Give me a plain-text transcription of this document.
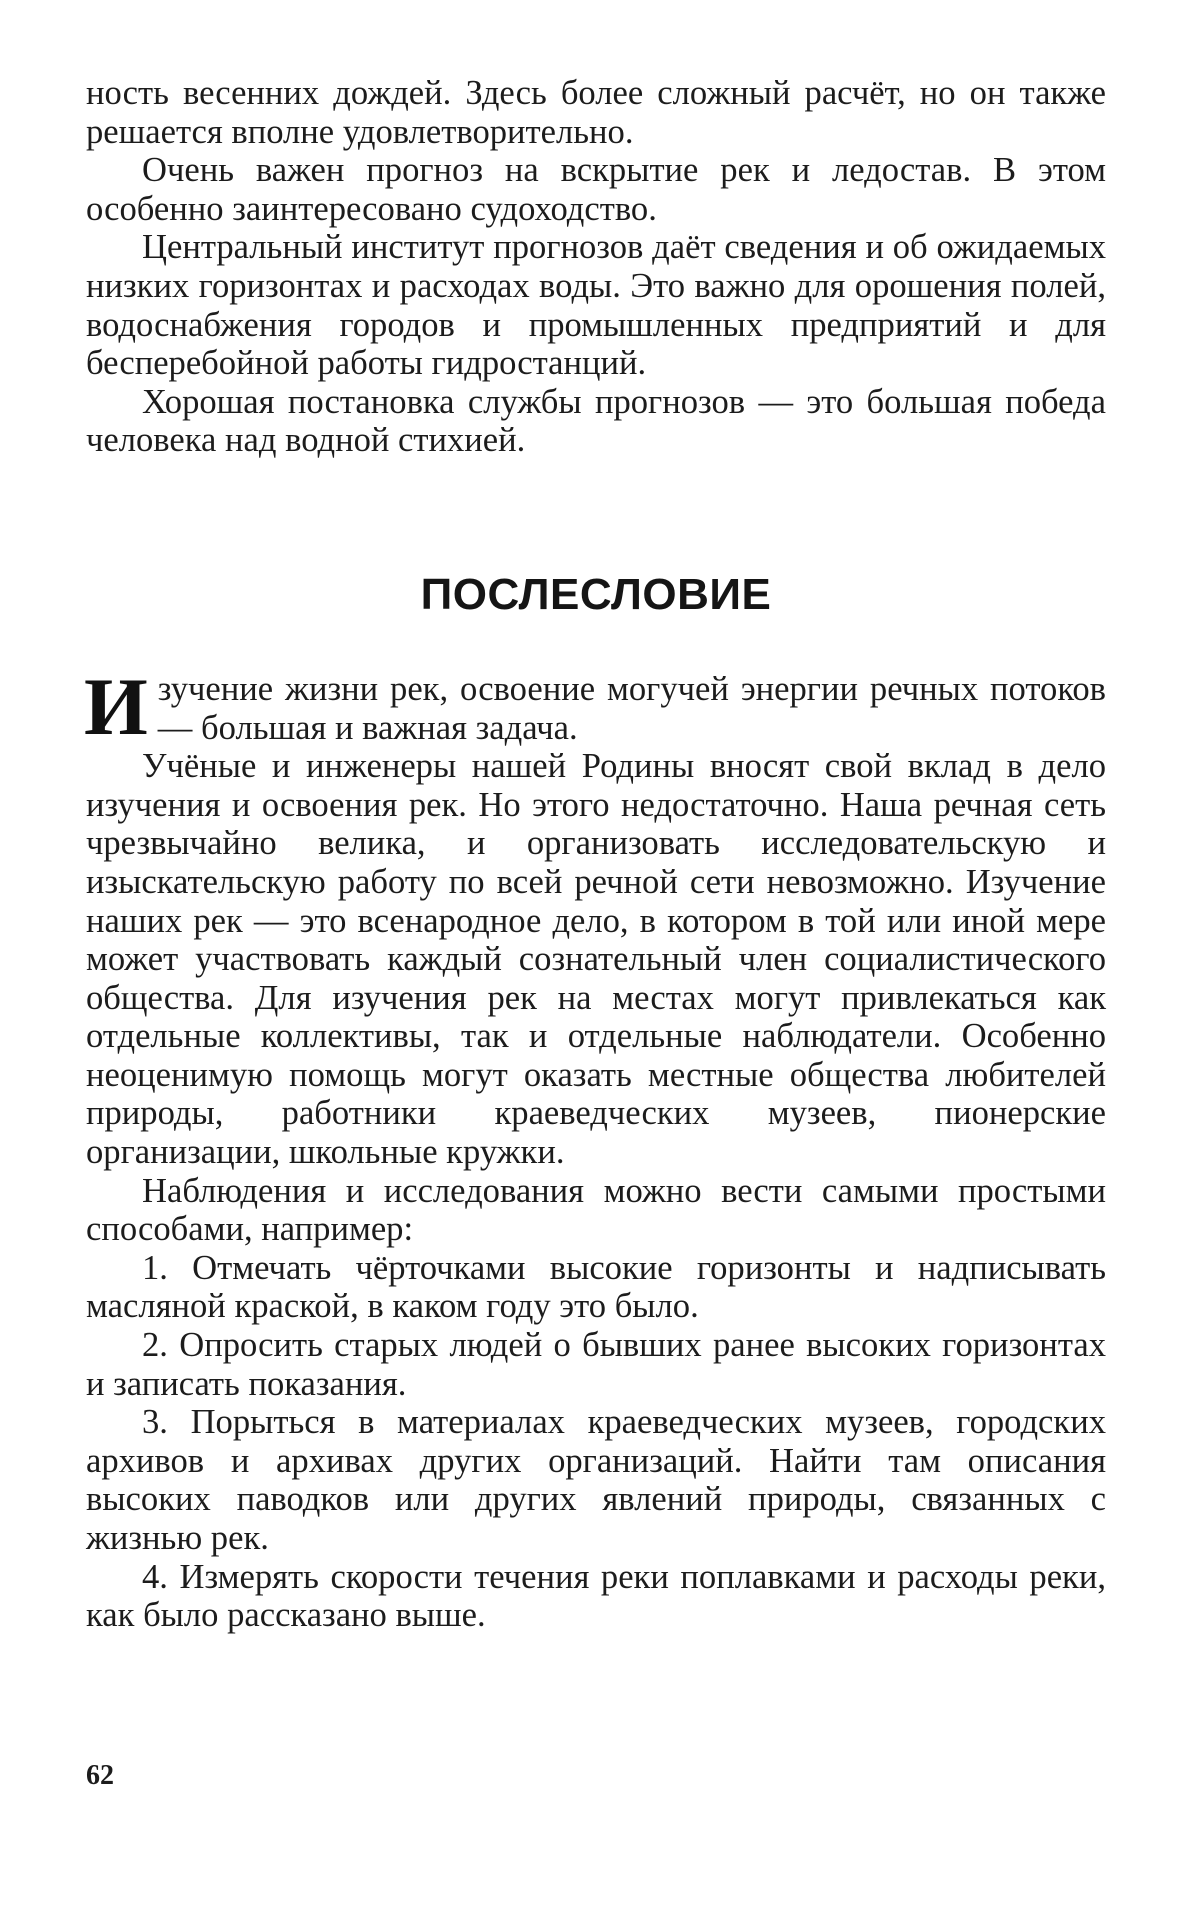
ность весенних дождей. Здесь более сложный расчёт, но он также решается вполне удовлетворительно.

Очень важен прогноз на вскрытие рек и ледостав. В этом особенно заинтересовано судоходство.

Центральный институт прогнозов даёт сведения и об ожидаемых низких горизонтах и расходах воды. Это важно для орошения полей, водоснабжения городов и промышленных предприятий и для бесперебойной работы гидростанций.

Хорошая постановка службы прогнозов — это большая победа человека над водной стихией.

ПОСЛЕСЛОВИЕ

Изучение жизни рек, освоение могучей энергии речных потоков — большая и важная задача.

Учёные и инженеры нашей Родины вносят свой вклад в дело изучения и освоения рек. Но этого недостаточно. Наша речная сеть чрезвычайно велика, и организовать исследовательскую и изыскательскую работу по всей речной сети невозможно. Изучение наших рек — это всенародное дело, в котором в той или иной мере может участвовать каждый сознательный член социалистического общества. Для изучения рек на местах могут привлекаться как отдельные коллективы, так и отдельные наблюдатели. Особенно неоценимую помощь могут оказать местные общества любителей природы, работники краеведческих музеев, пионерские организации, школьные кружки.

Наблюдения и исследования можно вести самыми простыми способами, например:

1. Отмечать чёрточками высокие горизонты и надписывать масляной краской, в каком году это было.

2. Опросить старых людей о бывших ранее высоких горизонтах и записать показания.

3. Порыться в материалах краеведческих музеев, городских архивов и архивах других организаций. Найти там описания высоких паводков или других явлений природы, связанных с жизнью рек.

4. Измерять скорости течения реки поплавками и расходы реки, как было рассказано выше.

62
